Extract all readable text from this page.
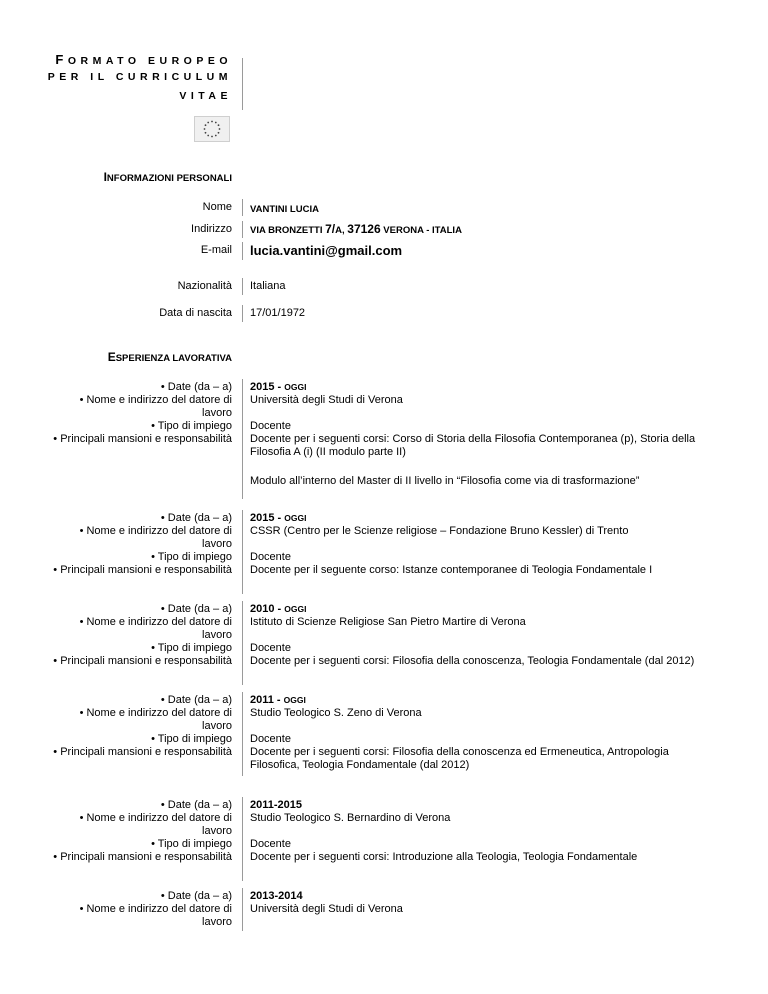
FORMATO EUROPEO
PER IL CURRICULUM
VITAE
INFORMAZIONI PERSONALI
Nome VANTINI LUCIA
Indirizzo VIA BRONZETTI 7/A, 37126 VERONA - ITALIA
E-mail lucia.vantini@gmail.com
Nazionalità Italiana
Data di nascita 17/01/1972
ESPERIENZA LAVORATIVA
• Date (da – a)
• Nome e indirizzo del datore di
lavoro
2015 - OGGI
Università degli Studi di Verona
• Tipo di impiego
• Principali mansioni e responsabilità
Docente
Docente per i seguenti corsi: Corso di Storia della Filosofia Contemporanea (p), Storia della Filosofia A (i) (II modulo parte II)
Modulo all’interno del Master di II livello in “Filosofia come via di trasformazione”
• Date (da – a)
• Nome e indirizzo del datore di
lavoro
2015 - OGGI
CSSR (Centro per le Scienze religiose – Fondazione Bruno Kessler) di Trento
• Tipo di impiego
• Principali mansioni e responsabilità
Docente
Docente per il seguente corso: Istanze contemporanee di Teologia Fondamentale I
• Date (da – a)
• Nome e indirizzo del datore di
lavoro
2010 - OGGI
Istituto di Scienze Religiose San Pietro Martire di Verona
• Tipo di impiego
• Principali mansioni e responsabilità
Docente
Docente per i seguenti corsi: Filosofia della conoscenza, Teologia Fondamentale (dal 2012)
• Date (da – a)
• Nome e indirizzo del datore di
lavoro
2011 - OGGI
Studio Teologico S. Zeno di Verona
• Tipo di impiego
• Principali mansioni e responsabilità
Docente
Docente per i seguenti corsi: Filosofia della conoscenza ed Ermeneutica, Antropologia Filosofica, Teologia Fondamentale (dal 2012)
• Date (da – a)
• Nome e indirizzo del datore di
lavoro
2011-2015
Studio Teologico S. Bernardino di Verona
• Tipo di impiego
• Principali mansioni e responsabilità
Docente
Docente per i seguenti corsi: Introduzione alla Teologia, Teologia Fondamentale
• Date (da – a)
• Nome e indirizzo del datore di
lavoro
2013-2014
Università degli Studi di Verona
